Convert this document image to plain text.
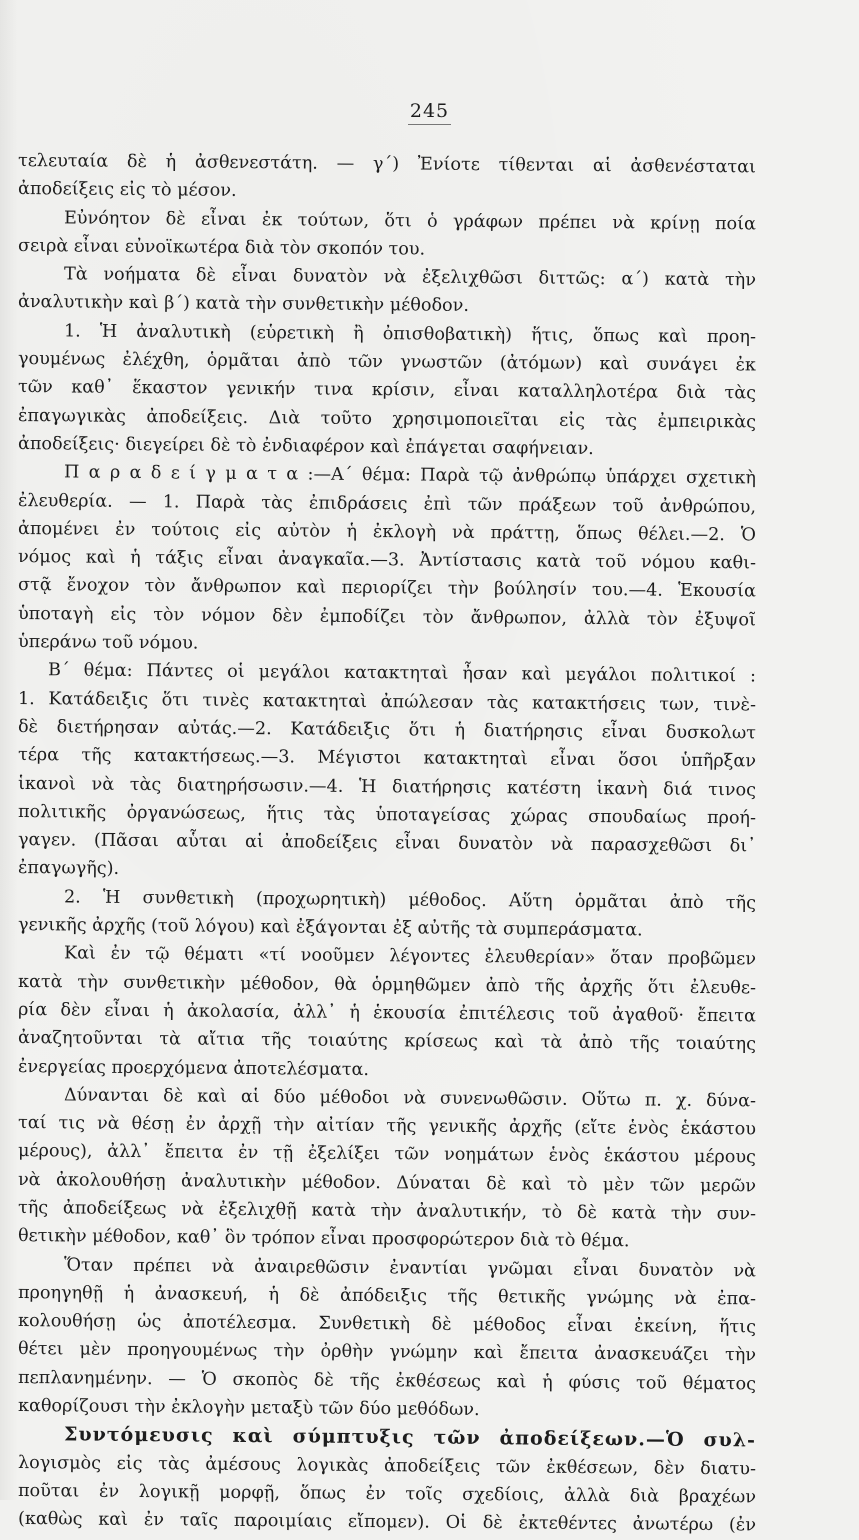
245
τελευταία δὲ ἡ ἀσθενεστάτη. — γ΄) Ἐνίοτε τίθενται αἱ ἀσθενέσταται
ἀποδείξεις εἰς τὸ μέσον.
Εὐνόητον δὲ εἶναι ἐκ τούτων, ὅτι ὁ γράφων πρέπει νὰ κρίνῃ ποία
σειρὰ εἶναι εὐνοϊκωτέρα διὰ τὸν σκοπόν του.
Τὰ νοήματα δὲ εἶναι δυνατὸν νὰ ἐξελιχθῶσι διττῶς: α΄) κατὰ τὴν
ἀναλυτικὴν καὶ β΄) κατὰ τὴν συνθετικὴν μέθοδον.
1. Ἡ ἀναλυτικὴ (εὑρετικὴ ἢ ὀπισθοβατικὴ) ἥτις, ὅπως καὶ προη-
γουμένως ἐλέχθη, ὁρμᾶται ἀπὸ τῶν γνωστῶν (ἀτόμων) καὶ συνάγει ἐκ
τῶν καθ᾽ ἕκαστον γενικήν τινα κρίσιν, εἶναι καταλληλοτέρα διὰ τὰς
ἐπαγωγικὰς ἀποδείξεις. Διὰ τοῦτο χρησιμοποιεῖται εἰς τὰς ἐμπειρικὰς
ἀποδείξεις· διεγείρει δὲ τὸ ἐνδιαφέρον καὶ ἐπάγεται σαφήνειαν.
Π α ρ α δ ε ί γ μ α τ α :—Α΄ θέμα: Παρὰ τῷ ἀνθρώπῳ ὑπάρχει σχετικὴ
ἐλευθερία. — 1. Παρὰ τὰς ἐπιδράσεις ἐπὶ τῶν πράξεων τοῦ ἀνθρώπου,
ἀπομένει ἐν τούτοις εἰς αὐτὸν ἡ ἐκλογὴ νὰ πράττῃ, ὅπως θέλει.—2. Ὁ
νόμος καὶ ἡ τάξις εἶναι ἀναγκαῖα.—3. Ἀντίστασις κατὰ τοῦ νόμου καθι-
στᾷ ἔνοχον τὸν ἄνθρωπον καὶ περιορίζει τὴν βούλησίν του.—4. Ἑκουσία
ὑποταγὴ εἰς τὸν νόμον δὲν ἐμποδίζει τὸν ἄνθρωπον, ἀλλὰ τὸν ἐξυψοῖ
ὑπεράνω τοῦ νόμου.
Β΄ θέμα: Πάντες οἱ μεγάλοι κατακτηταὶ ἦσαν καὶ μεγάλοι πολιτικοί :
1. Κατάδειξις ὅτι τινὲς κατακτηταὶ ἀπώλεσαν τὰς κατακτήσεις των, τινὲ-
δὲ διετήρησαν αὐτάς.—2. Κατάδειξις ὅτι ἡ διατήρησις εἶναι δυσκολωτ
τέρα τῆς κατακτήσεως.—3. Μέγιστοι κατακτηταὶ εἶναι ὅσοι ὑπῆρξαν
ἱκανοὶ νὰ τὰς διατηρήσωσιν.—4. Ἡ διατήρησις κατέστη ἱκανὴ διά τινος
πολιτικῆς ὀργανώσεως, ἥτις τὰς ὑποταγείσας χώρας σπουδαίως προή-
γαγεν. (Πᾶσαι αὗται αἱ ἀποδείξεις εἶναι δυνατὸν νὰ παρασχεθῶσι δι᾽
ἐπαγωγῆς).
2. Ἡ συνθετικὴ (προχωρητικὴ) μέθοδος. Αὕτη ὁρμᾶται ἀπὸ τῆς
γενικῆς ἀρχῆς (τοῦ λόγου) καὶ ἐξάγονται ἐξ αὐτῆς τὰ συμπεράσματα.
Καὶ ἐν τῷ θέματι «τί νοοῦμεν λέγοντες ἐλευθερίαν» ὅταν προβῶμεν
κατὰ τὴν συνθετικὴν μέθοδον, θὰ ὁρμηθῶμεν ἀπὸ τῆς ἀρχῆς ὅτι ἐλευθε-
ρία δὲν εἶναι ἡ ἀκολασία, ἀλλ᾽ ἡ ἑκουσία ἐπιτέλεσις τοῦ ἀγαθοῦ· ἔπειτα
ἀναζητοῦνται τὰ αἴτια τῆς τοιαύτης κρίσεως καὶ τὰ ἀπὸ τῆς τοιαύτης
ἐνεργείας προερχόμενα ἀποτελέσματα.
Δύνανται δὲ καὶ αἱ δύο μέθοδοι νὰ συνενωθῶσιν. Οὕτω π. χ. δύνα-
ταί τις νὰ θέσῃ ἐν ἀρχῇ τὴν αἰτίαν τῆς γενικῆς ἀρχῆς (εἴτε ἑνὸς ἑκάστου
μέρους), ἀλλ᾽ ἔπειτα ἐν τῇ ἐξελίξει τῶν νοημάτων ἑνὸς ἑκάστου μέρους
νὰ ἀκολουθήσῃ ἀναλυτικὴν μέθοδον. Δύναται δὲ καὶ τὸ μὲν τῶν μερῶν
τῆς ἀποδείξεως νὰ ἐξελιχθῇ κατὰ τὴν ἀναλυτικήν, τὸ δὲ κατὰ τὴν συν-
θετικὴν μέθοδον, καθ᾽ ὃν τρόπον εἶναι προσφορώτερον διὰ τὸ θέμα.
Ὅταν πρέπει νὰ ἀναιρεθῶσιν ἐναντίαι γνῶμαι εἶναι δυνατὸν νὰ
προηγηθῇ ἡ ἀνασκευή, ἡ δὲ ἀπόδειξις τῆς θετικῆς γνώμης νὰ ἐπα-
κολουθήσῃ ὡς ἀποτέλεσμα. Συνθετικὴ δὲ μέθοδος εἶναι ἐκείνη, ἥτις
θέτει μὲν προηγουμένως τὴν ὀρθὴν γνώμην καὶ ἔπειτα ἀνασκευάζει τὴν
πεπλανημένην. — Ὁ σκοπὸς δὲ τῆς ἐκθέσεως καὶ ἡ φύσις τοῦ θέματος
καθορίζουσι τὴν ἐκλογὴν μεταξὺ τῶν δύο μεθόδων.
Συντόμευσις καὶ σύμπτυξις τῶν ἀποδείξεων.—Ὁ συλ-
λογισμὸς εἰς τὰς ἀμέσους λογικὰς ἀποδείξεις τῶν ἐκθέσεων, δὲν διατυ-
ποῦται ἐν λογικῇ μορφῇ, ὅπως ἐν τοῖς σχεδίοις, ἀλλὰ διὰ βραχέων
(καθὼς καὶ ἐν ταῖς παροιμίαις εἴπομεν). Οἱ δὲ ἐκτεθέντες ἀνωτέρω (ἐν
